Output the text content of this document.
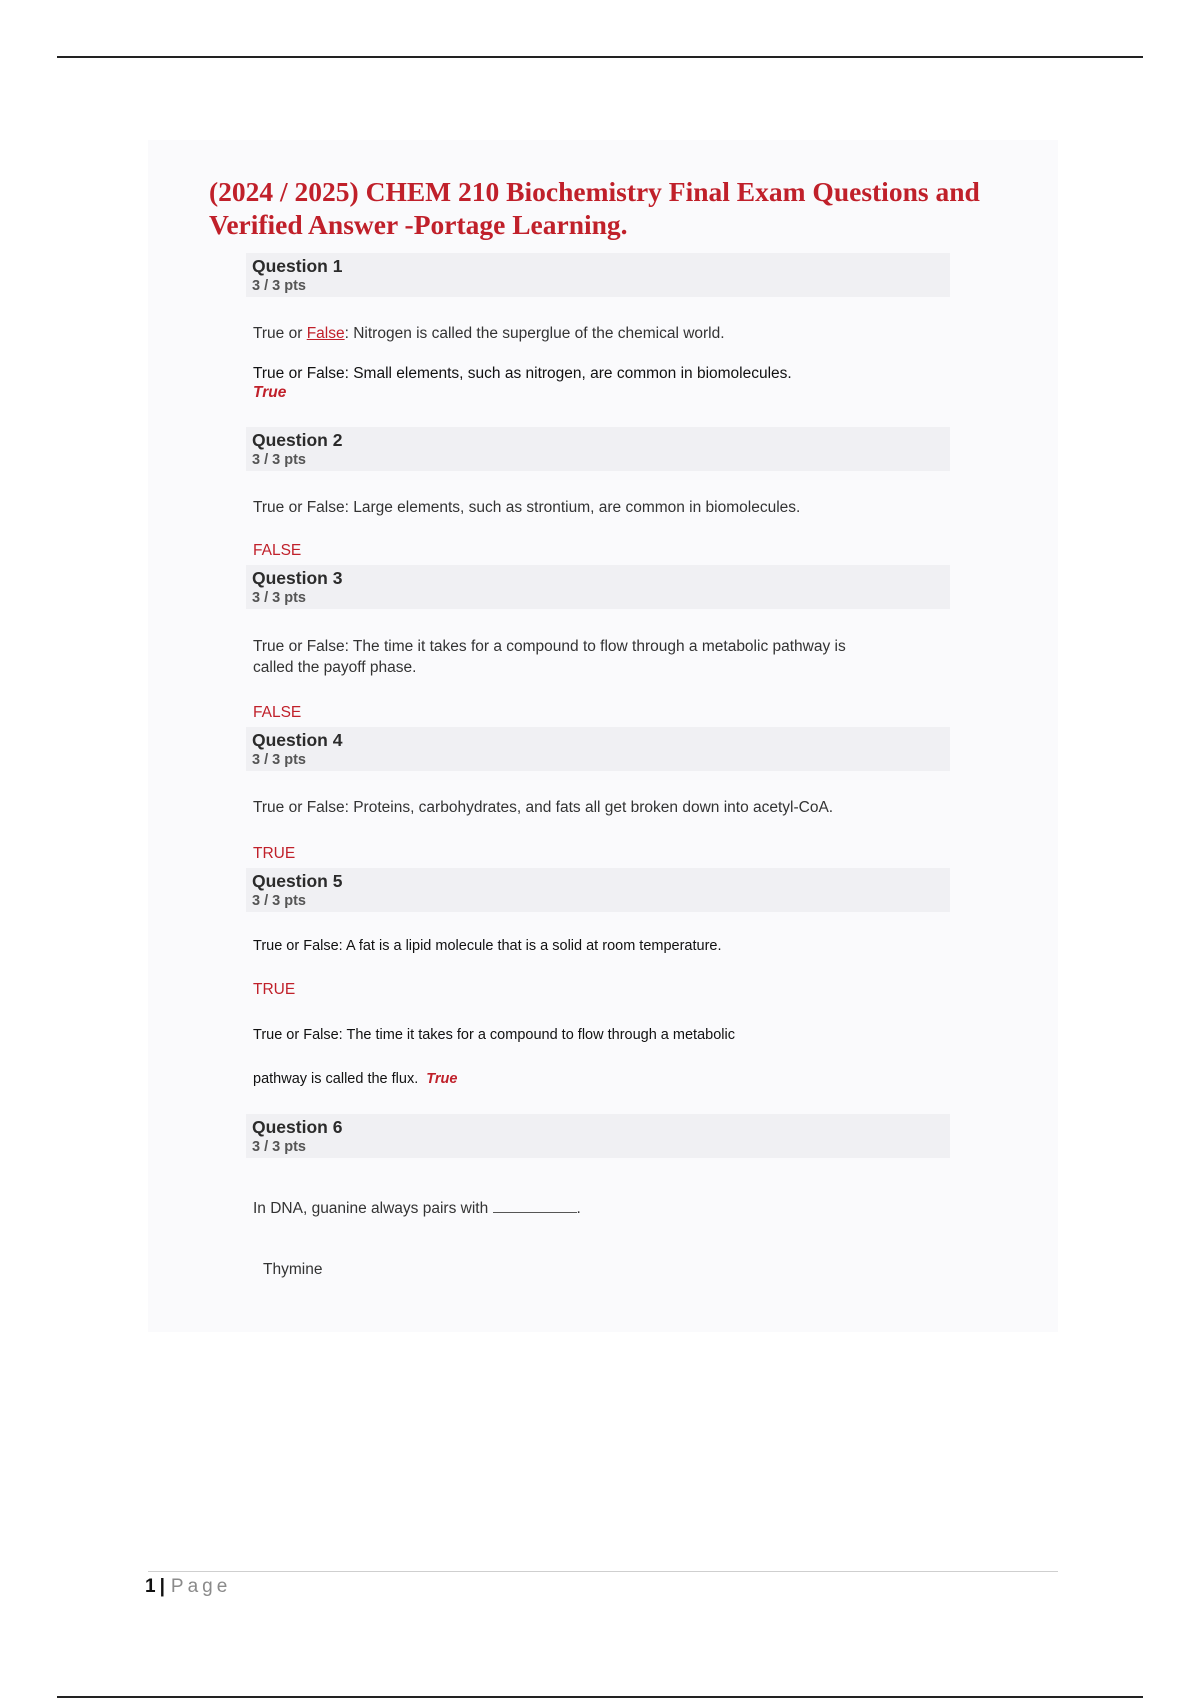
(2024 / 2025) CHEM 210 Biochemistry Final Exam Questions and Verified Answer -Portage Learning.
Question 1
3 / 3 pts
True or False: Nitrogen is called the superglue of the chemical world.
True or False: Small elements, such as nitrogen, are common in biomolecules.
True
Question 2
3 / 3 pts
True or False: Large elements, such as strontium, are common in biomolecules.
FALSE
Question 3
3 / 3 pts
True or False: The time it takes for a compound to flow through a metabolic pathway is
called the payoff phase.
FALSE
Question 4
3 / 3 pts
True or False: Proteins, carbohydrates, and fats all get broken down into acetyl-CoA.
TRUE
Question 5
3 / 3 pts
True or False: A fat is a lipid molecule that is a solid at room temperature.
TRUE
True or False: The time it takes for a compound to flow through a metabolic
pathway is called the flux. True
Question 6
3 / 3 pts
In DNA, guanine always pairs with	.
Thymine
1 | Page
